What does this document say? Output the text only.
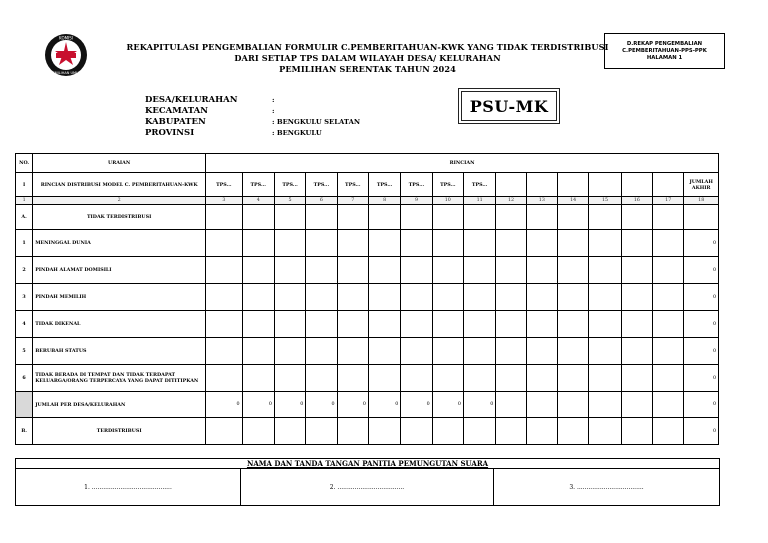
KOMISI
PEMILIHAN UMUM
REKAPITULASI PENGEMBALIAN FORMULIR C.PEMBERITAHUAN-KWK YANG TIDAK TERDISTRIBUSI
DARI SETIAP TPS DALAM WILAYAH DESA/ KELURAHAN
PEMILIHAN SERENTAK TAHUN 2024
D.REKAP PENGEMBALIAN
C.PEMBERITAHUAN-PPS-PPK
HALAMAN 1
DESA/KELURAHAN	:
KECAMATAN	:
KABUPATEN	: BENGKULU SELATAN
PROVINSI	: BENGKULU
PSU-MK
NO.	URAIAN	RINCIAN															
I	RINCIAN DISTRIBUSI MODEL C. PEMBERITAHUAN-KWK	TPS...	TPS...	TPS...	TPS...	TPS...	TPS...	TPS...	TPS...	TPS...							JUMLAH AKHIR
1	2	3	4	5	6	7	8	9	10	11	12	13	14	15	16	17	18
A.	TIDAK TERDISTRIBUSI																
1	MENINGGAL DUNIA																0
2	PINDAH ALAMAT DOMISILI																0
3	PINDAH MEMILIH																0
4	TIDAK DIKENAL																0
5	BERUBAH STATUS																0
6	TIDAK BERADA DI TEMPAT DAN TIDAK TERDAPAT KELUARGA/ORANG TERPERCAYA YANG DAPAT DITITIPKAN																0
	JUMLAH PER DESA/KELURAHAN	0	0	0	0	0	0	0	0	0							0
B.	TERDISTRIBUSI																0
NAMA DAN TANDA TANGAN PANITIA PEMUNGUTAN SUARA
1. ..........................................	2. ...................................	3. ...................................
